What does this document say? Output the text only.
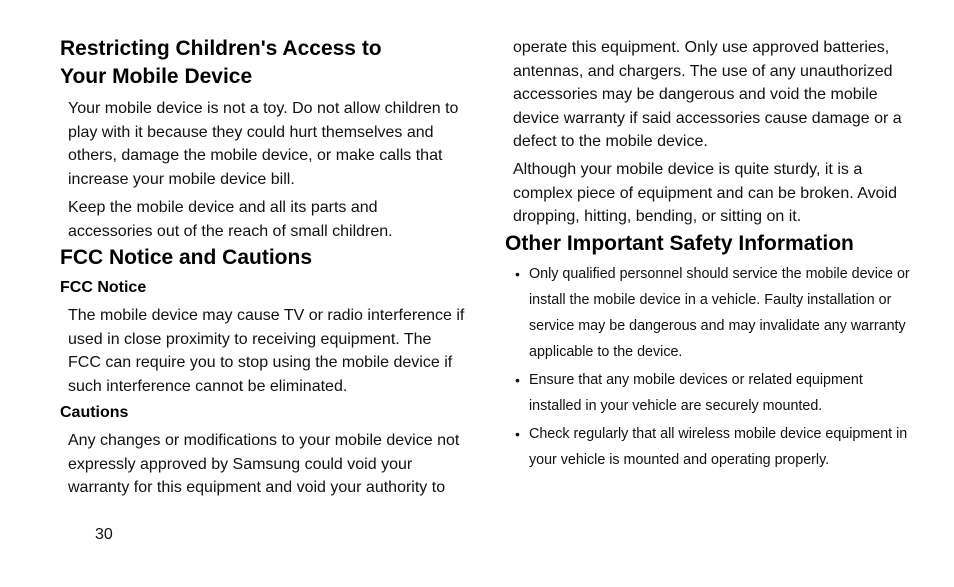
Restricting Children's Access to
Your Mobile Device

Your mobile device is not a toy. Do not allow children to play with it because they could hurt themselves and others, damage the mobile device, or make calls that increase your mobile device bill.

Keep the mobile device and all its parts and accessories out of the reach of small children.

FCC Notice and Cautions
FCC Notice

The mobile device may cause TV or radio interference if used in close proximity to receiving equipment. The FCC can require you to stop using the mobile device if such interference cannot be eliminated.

Cautions

Any changes or modifications to your mobile device not expressly approved by Samsung could void your warranty for this equipment and void your authority to

operate this equipment. Only use approved batteries, antennas, and chargers. The use of any unauthorized accessories may be dangerous and void the mobile device warranty if said accessories cause damage or a defect to the mobile device.

Although your mobile device is quite sturdy, it is a complex piece of equipment and can be broken. Avoid dropping, hitting, bending, or sitting on it.

Other Important Safety Information
• Only qualified personnel should service the mobile device or install the mobile device in a vehicle. Faulty installation or service may be dangerous and may invalidate any warranty applicable to the device.
• Ensure that any mobile devices or related equipment installed in your vehicle are securely mounted.
• Check regularly that all wireless mobile device equipment in your vehicle is mounted and operating properly.
30
